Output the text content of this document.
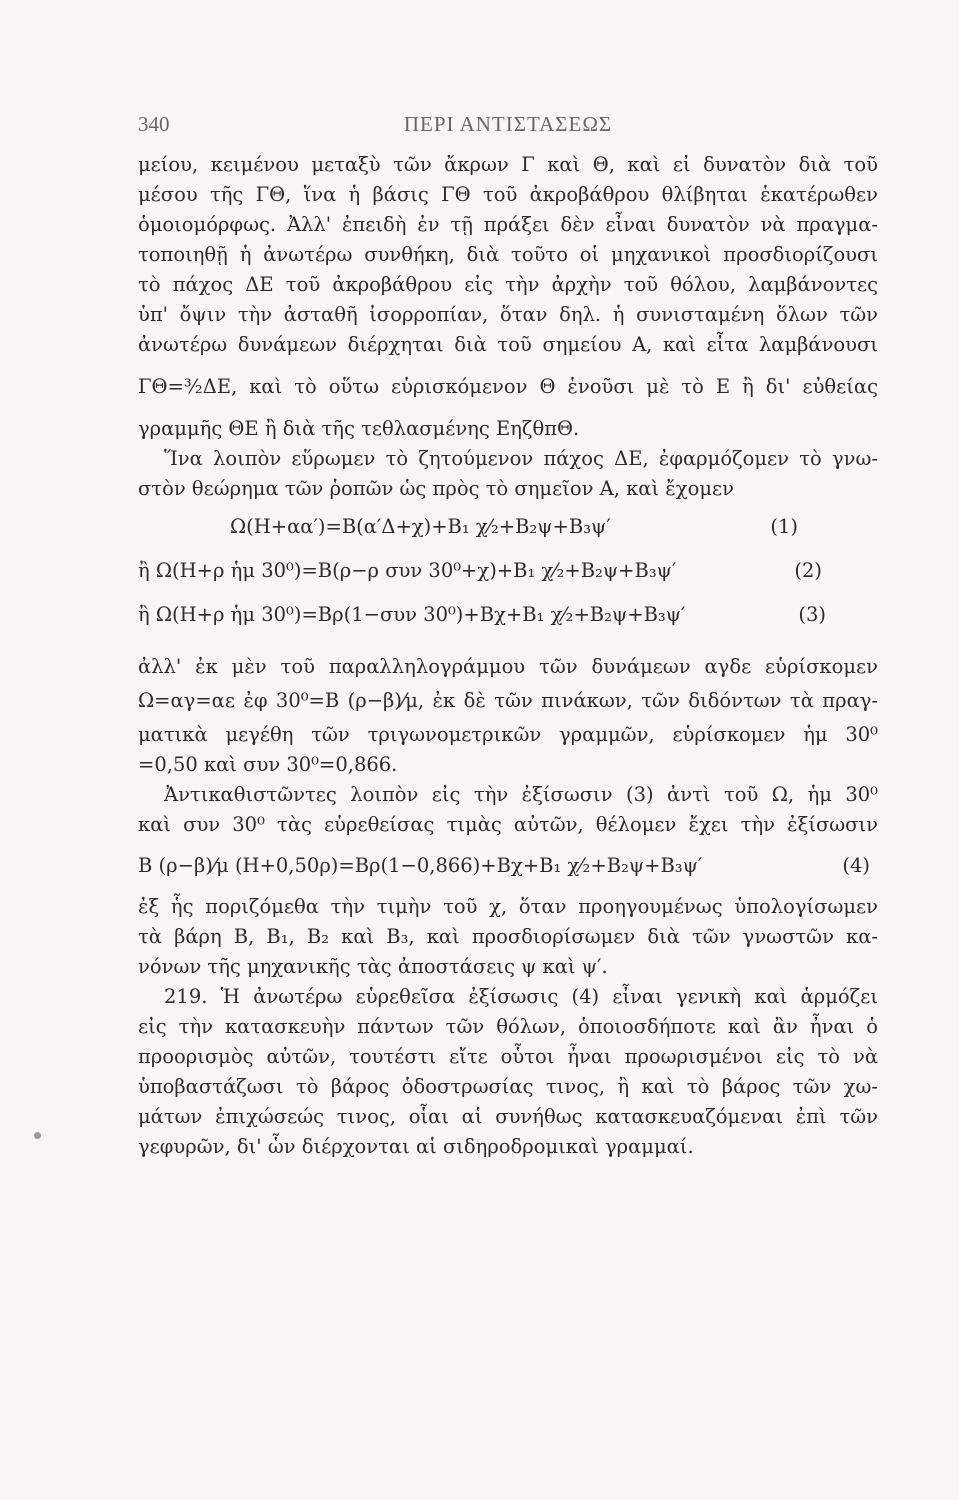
340	ΠΕΡΙ ΑΝΤΙΣΤΑΣΕΩΣ
μείου, κειμένου μεταξὺ τῶν ἄκρων Γ καὶ Θ, καὶ εἰ δυνατὸν διὰ τοῦ
μέσου τῆς ΓΘ, ἵνα ἡ βάσις ΓΘ τοῦ ἀκροβάθρου θλίβηται ἑκατέρωθεν
ὁμοιομόρφως. Ἀλλ' ἐπειδὴ ἐν τῇ πράξει δὲν εἶναι δυνατὸν νὰ πραγμα-
τοποιηθῇ ἡ ἀνωτέρω συνθήκη, διὰ τοῦτο οἱ μηχανικοὶ προσδιορίζουσι
τὸ πάχος ΔΕ τοῦ ἀκροβάθρου εἰς τὴν ἀρχὴν τοῦ θόλου, λαμβάνοντες
ὑπ' ὄψιν τὴν ἀσταθῆ ἰσορροπίαν, ὅταν δηλ. ἡ συνισταμένη ὅλων τῶν
ἀνωτέρω δυνάμεων διέρχηται διὰ τοῦ σημείου Α, καὶ εἶτα λαμβάνουσι
ΓΘ=³⁄₂ΔΕ, καὶ τὸ οὕτω εὑρισκόμενον Θ ἑνοῦσι μὲ τὸ Ε ἢ δι' εὐθείας
γραμμῆς ΘΕ ἢ διὰ τῆς τεθλασμένης ΕηζθπΘ.
Ἵνα λοιπὸν εὕρωμεν τὸ ζητούμενον πάχος ΔΕ, ἐφαρμόζομεν τὸ γνω-
στὸν θεώρημα τῶν ῥοπῶν ὡς πρὸς τὸ σημεῖον Α, καὶ ἔχομεν
Ω(Η+αα′)=Β(α′Δ+χ)+Β₁ χ⁄₂+Β₂ψ+Β₃ψ′	(1)
ἢ Ω(Η+ρ ἡμ 30⁰)=Β(ρ−ρ συν 30⁰+χ)+Β₁ χ⁄₂+Β₂ψ+Β₃ψ′	(2)
ἢ Ω(Η+ρ ἡμ 30⁰)=Βρ(1−συν 30⁰)+Βχ+Β₁ χ⁄₂+Β₂ψ+Β₃ψ′	(3)
ἀλλ' ἐκ μὲν τοῦ παραλληλογράμμου τῶν δυνάμεων αγδε εὑρίσκομεν
Ω=αγ=αε ἐφ 30⁰=Β (ρ−β)⁄μ, ἐκ δὲ τῶν πινάκων, τῶν διδόντων τὰ πραγ-
ματικὰ μεγέθη τῶν τριγωνομετρικῶν γραμμῶν, εὑρίσκομεν ἡμ 30⁰
=0,50 καὶ συν 30⁰=0,866.
Ἀντικαθιστῶντες λοιπὸν εἰς τὴν ἐξίσωσιν (3) ἀντὶ τοῦ Ω, ἡμ 30⁰
καὶ συν 30⁰ τὰς εὑρεθείσας τιμὰς αὐτῶν, θέλομεν ἔχει τὴν ἐξίσωσιν
Β (ρ−β)⁄μ (Η+0,50ρ)=Βρ(1−0,866)+Βχ+Β₁ χ⁄₂+Β₂ψ+Β₃ψ′	(4)
ἐξ ἧς ποριζόμεθα τὴν τιμὴν τοῦ χ, ὅταν προηγουμένως ὑπολογίσωμεν
τὰ βάρη Β, Β₁, Β₂ καὶ Β₃, καὶ προσδιορίσωμεν διὰ τῶν γνωστῶν κα-
νόνων τῆς μηχανικῆς τὰς ἀποστάσεις ψ καὶ ψ′.
219. Ἡ ἀνωτέρω εὑρεθεῖσα ἐξίσωσις (4) εἶναι γενικὴ καὶ ἁρμόζει
εἰς τὴν κατασκευὴν πάντων τῶν θόλων, ὁποιοσδήποτε καὶ ἂν ἦναι ὁ
προορισμὸς αὐτῶν, τουτέστι εἴτε οὗτοι ἦναι προωρισμένοι εἰς τὸ νὰ
ὑποβαστάζωσι τὸ βάρος ὁδοστρωσίας τινος, ἢ καὶ τὸ βάρος τῶν χω-
μάτων ἐπιχώσεώς τινος, οἷαι αἱ συνήθως κατασκευαζόμεναι ἐπὶ τῶν
γεφυρῶν, δι' ὧν διέρχονται αἱ σιδηροδρομικαὶ γραμμαί.
